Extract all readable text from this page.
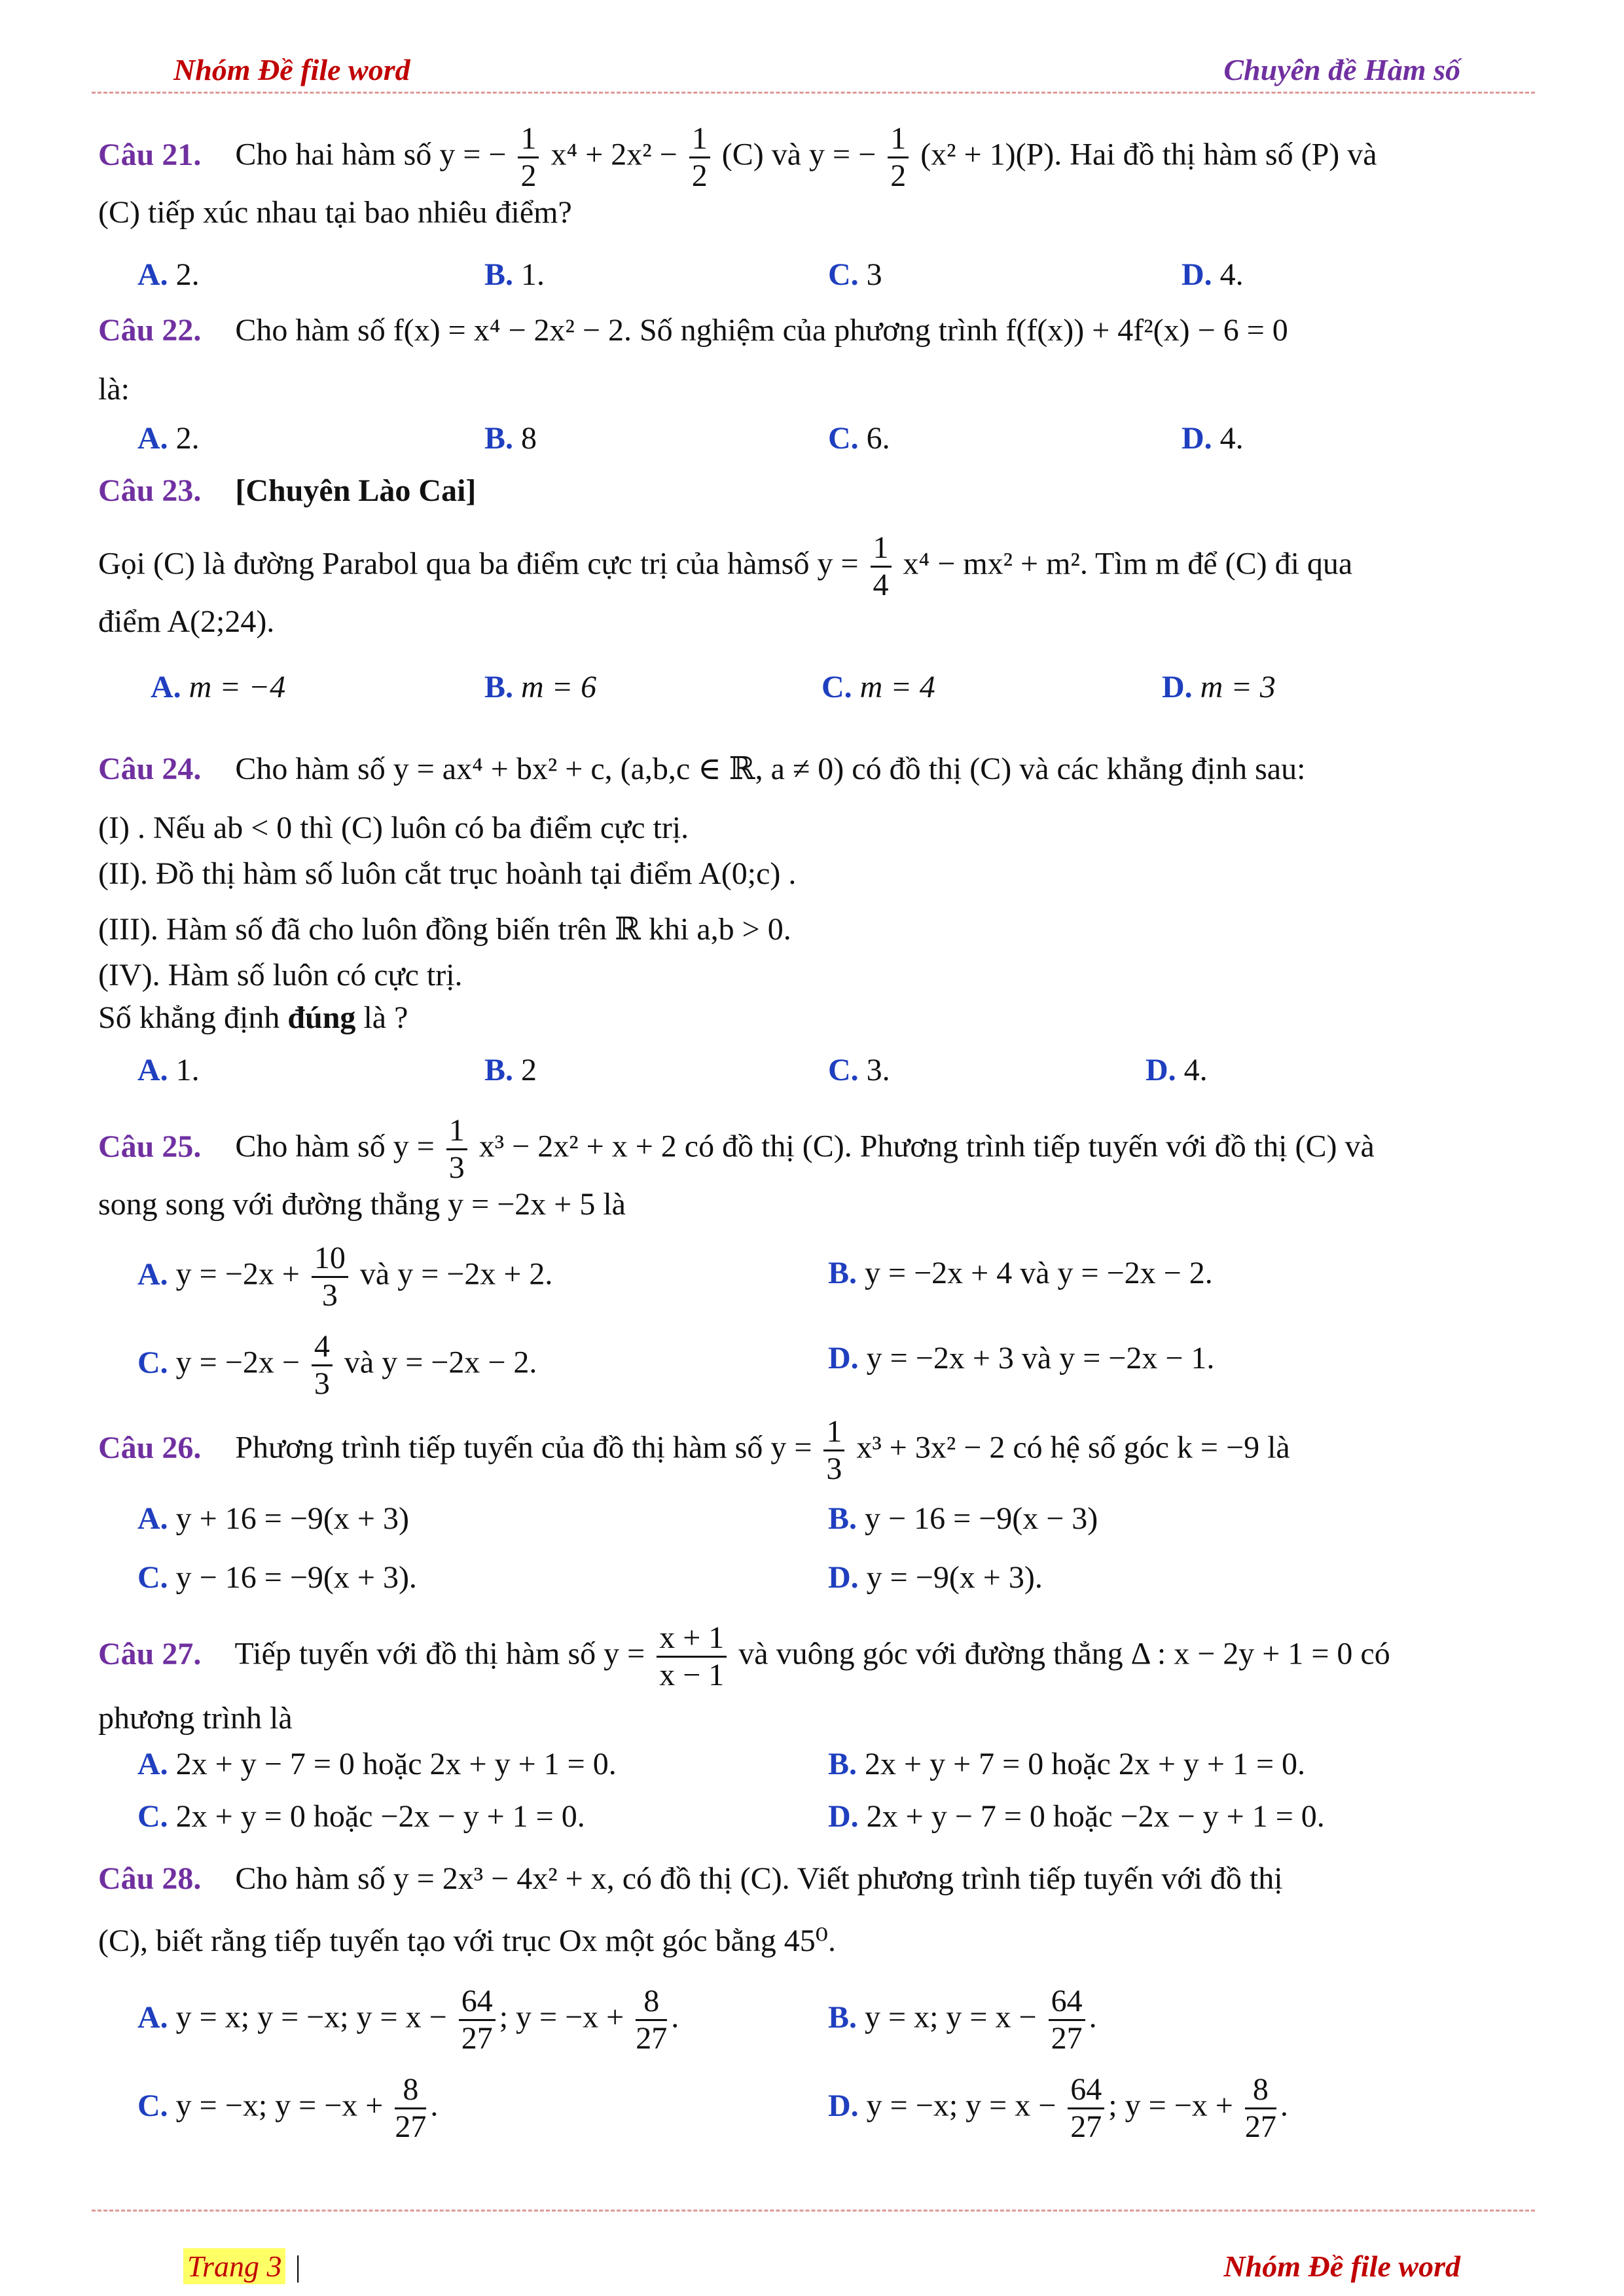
Nhóm Đề file word	Chuyên đề Hàm số
Câu 21. Cho hai hàm số y = − $\frac{1}{2} x^4 + 2x^2 - \frac{1}{2} (C)$ và y = − $\frac{1}{2} (x^2 + 1)(P)$. Hai đồ thị hàm số (P) và
(C) tiếp xúc nhau tại bao nhiêu điểm?
A. 2.	B. 1.	C. 3	D. 4.
Câu 22. Cho hàm số f(x) = x⁴ − 2x² − 2. Số nghiệm của phương trình f(f(x)) + 4f²(x) − 6 = 0
là:
A. 2.	B. 8	C. 6.	D. 4.
Câu 23. [Chuyên Lào Cai]
Gọi (C) là đường Parabol qua ba điểm cực trị của hàmsố $y = \frac{1}{4} x^4 - mx^2 + m^2$. Tìm m để (C) đi qua
điểm A(2;24).
A. m = −4	B. m = 6	C. m = 4	D. m = 3
Câu 24. Cho hàm số y = ax⁴ + bx² + c, (a,b,c ∈ ℝ, a ≠ 0) có đồ thị (C) và các khẳng định sau:
(I) . Nếu ab < 0 thì (C) luôn có ba điểm cực trị.
(II). Đồ thị hàm số luôn cắt trục hoành tại điểm A(0;c) .
(III). Hàm số đã cho luôn đồng biến trên ℝ khi a,b > 0.
(IV). Hàm số luôn có cực trị.
Số khẳng định đúng là ?
A. 1.	B. 2	C. 3.	D. 4.
Câu 25. Cho hàm số $y = \frac{1}{3} x^3 - 2x^2 + x + 2$ có đồ thị (C). Phương trình tiếp tuyến với đồ thị (C) và
song song với đường thẳng y = −2x + 5 là
A. $y = -2x + \frac{10}{3}$ và y = −2x + 2.	B. y = −2x + 4 và y = −2x − 2.
C. $y = -2x - \frac{4}{3}$ và y = −2x − 2.	D. y = −2x + 3 và y = −2x − 1.
Câu 26. Phương trình tiếp tuyến của đồ thị hàm số $y = \frac{1}{3} x^3 + 3x^2 - 2$ có hệ số góc k = −9 là
A. y + 16 = −9(x + 3)	B. y − 16 = −9(x − 3)
C. y − 16 = −9(x + 3).	D. y = −9(x + 3).
Câu 27. Tiếp tuyến với đồ thị hàm số $y = \frac{x + 1}{x - 1}$ và vuông góc với đường thẳng Δ : x − 2y + 1 = 0 có
phương trình là
A. 2x + y − 7 = 0 hoặc 2x + y + 1 = 0.	B. 2x + y + 7 = 0 hoặc 2x + y + 1 = 0.
C. 2x + y = 0 hoặc −2x − y + 1 = 0.	D. 2x + y − 7 = 0 hoặc −2x − y + 1 = 0.
Câu 28. Cho hàm số y = 2x³ − 4x² + x, có đồ thị (C). Viết phương trình tiếp tuyến với đồ thị
(C), biết rằng tiếp tuyến tạo với trục Ox một góc bằng 45⁰.
A. y = x; y = −x; $y = x - \frac{64}{27}$ ; $y = -x + \frac{8}{27}$ .	B. y = x; $y = x - \frac{64}{27}$ .
C. y = −x; $y = -x + \frac{8}{27}$ .	D. y = −x; $y = x - \frac{64}{27}$ ; $y = -x + \frac{8}{27}$ .
Trang 3 |	Nhóm Đề file word
